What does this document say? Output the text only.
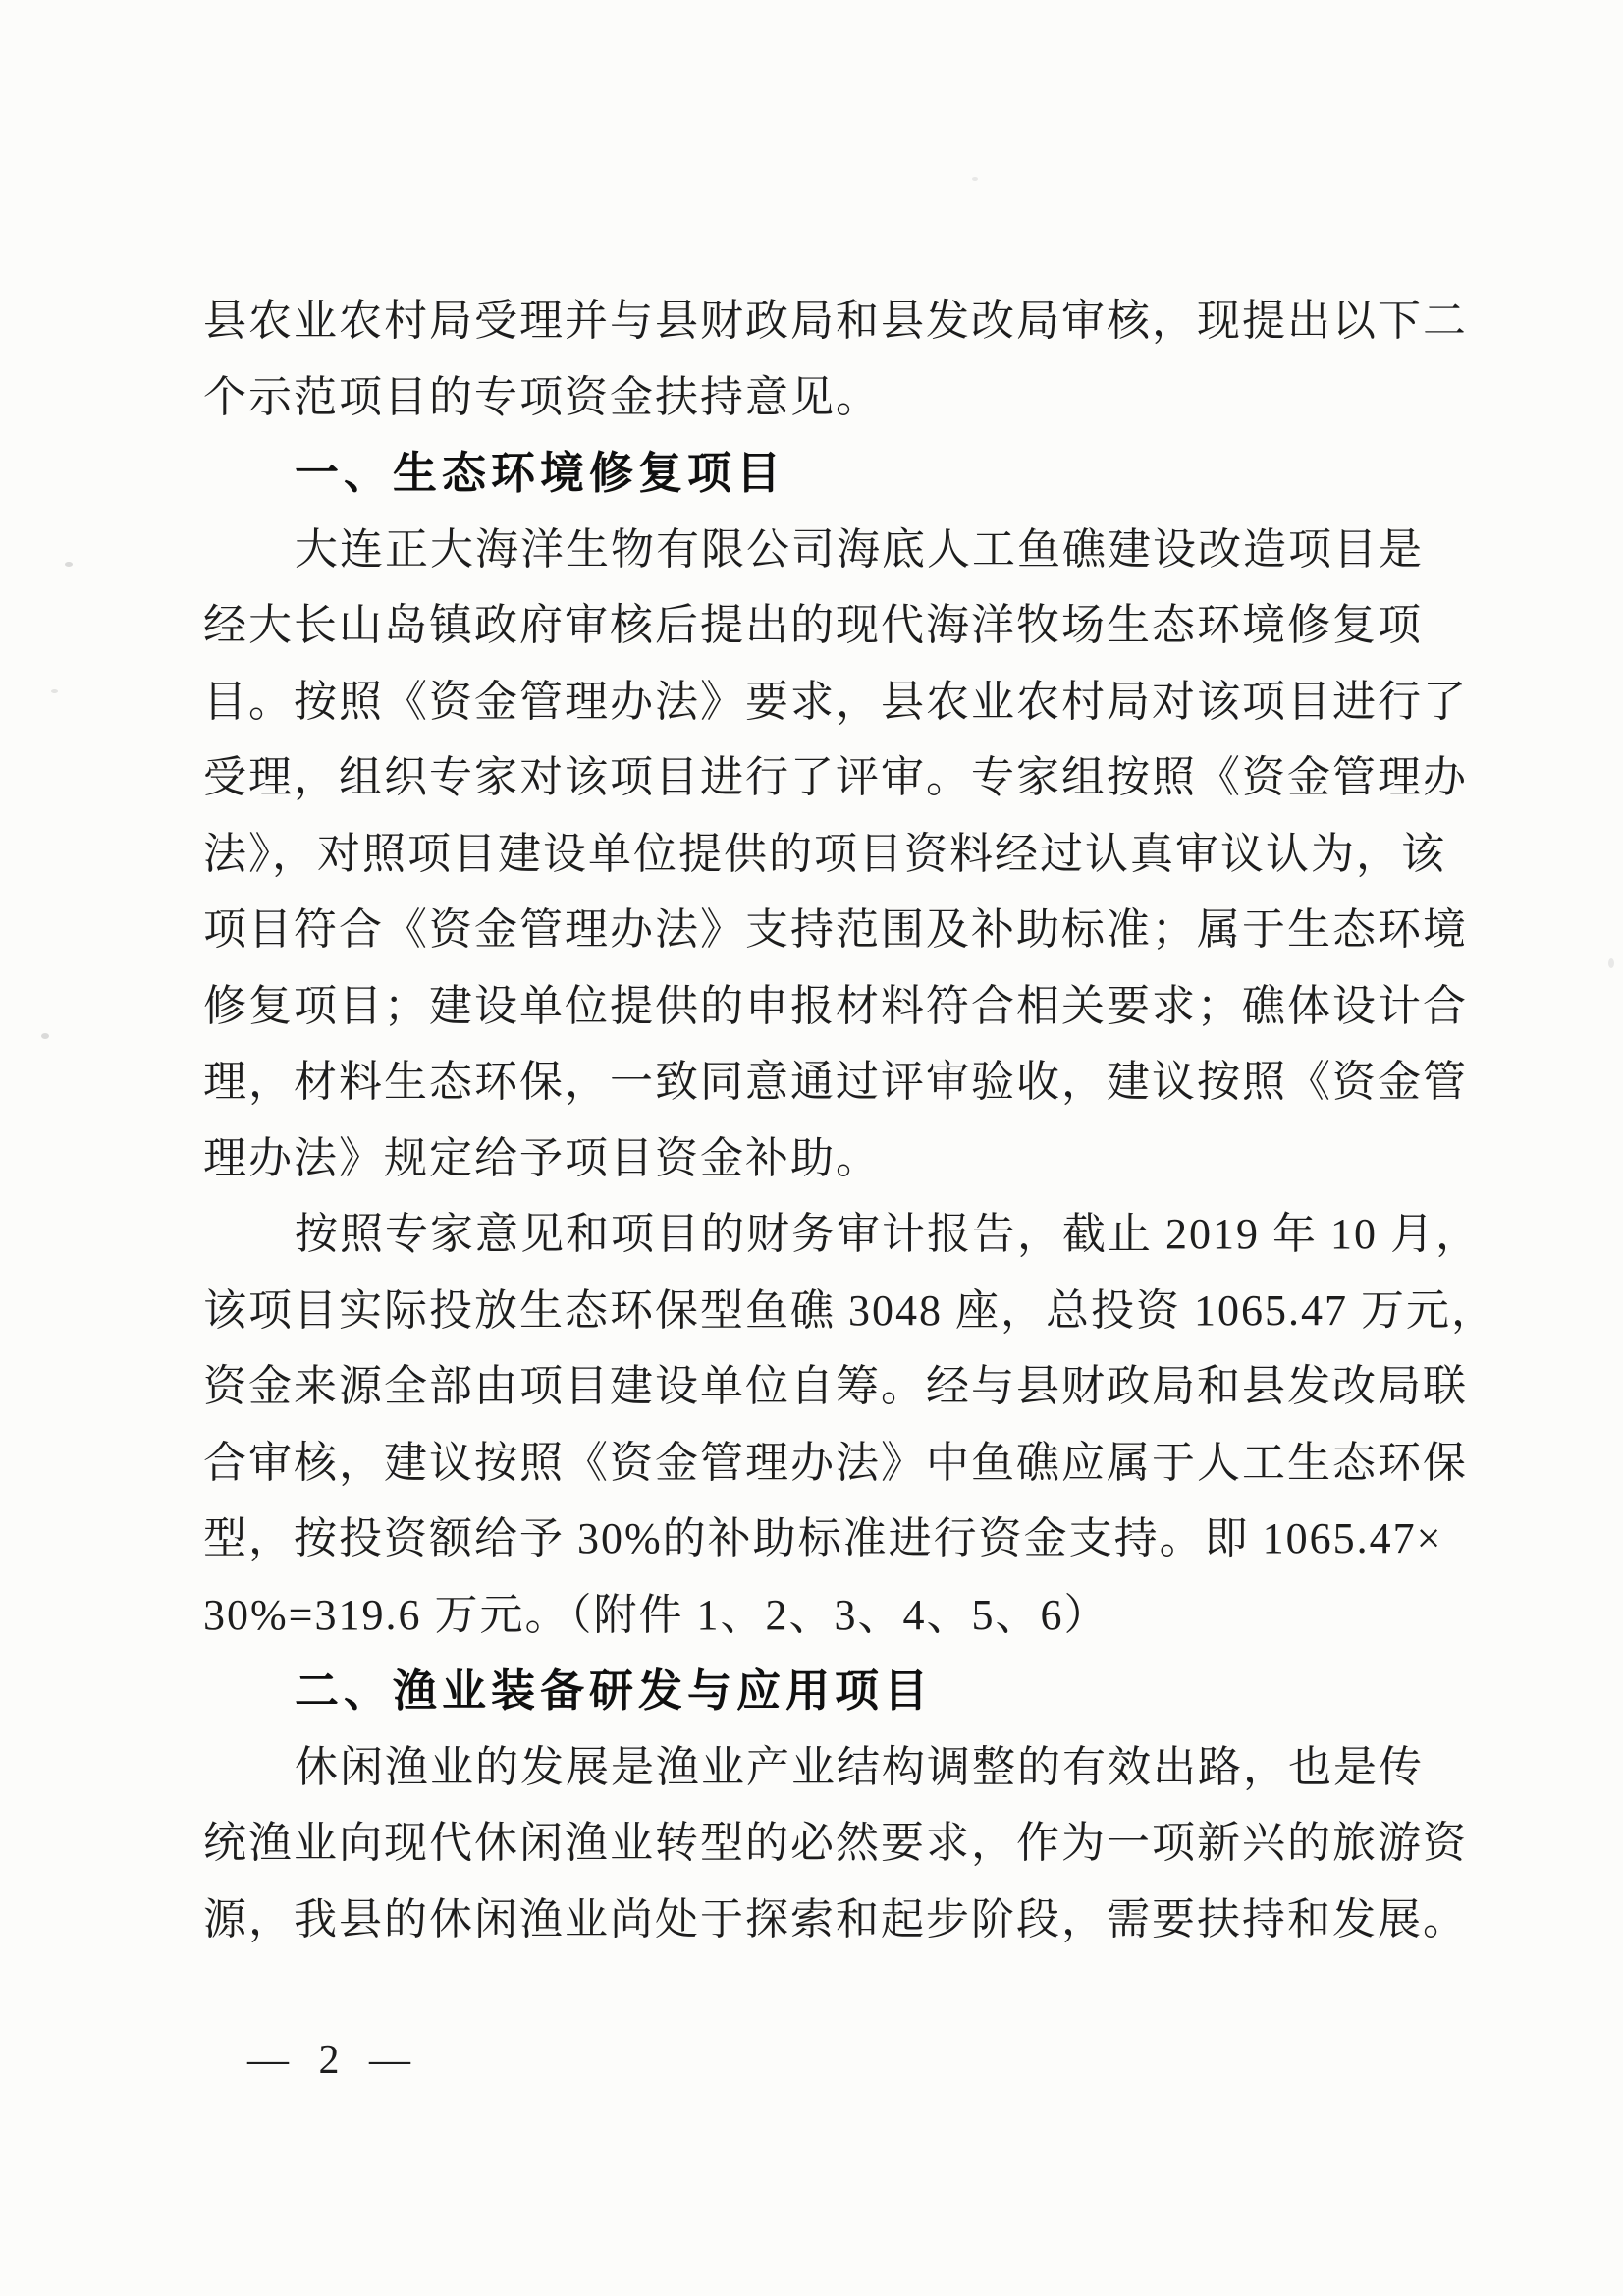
县农业农村局受理并与县财政局和县发改局审核，现提出以下二
个示范项目的专项资金扶持意见。
一、生态环境修复项目
大连正大海洋生物有限公司海底人工鱼礁建设改造项目是
经大长山岛镇政府审核后提出的现代海洋牧场生态环境修复项
目。按照《资金管理办法》要求，县农业农村局对该项目进行了
受理，组织专家对该项目进行了评审。专家组按照《资金管理办
法》，对照项目建设单位提供的项目资料经过认真审议认为，该
项目符合《资金管理办法》支持范围及补助标准；属于生态环境
修复项目；建设单位提供的申报材料符合相关要求；礁体设计合
理，材料生态环保，一致同意通过评审验收，建议按照《资金管
理办法》规定给予项目资金补助。
按照专家意见和项目的财务审计报告，截止 2019 年 10 月，
该项目实际投放生态环保型鱼礁 3048 座，总投资 1065.47 万元，
资金来源全部由项目建设单位自筹。经与县财政局和县发改局联
合审核，建议按照《资金管理办法》中鱼礁应属于人工生态环保
型，按投资额给予 30%的补助标准进行资金支持。即 1065.47×
30%=319.6 万元。（附件 1、2、3、4、5、6）
二、渔业装备研发与应用项目
休闲渔业的发展是渔业产业结构调整的有效出路，也是传
统渔业向现代休闲渔业转型的必然要求，作为一项新兴的旅游资
源，我县的休闲渔业尚处于探索和起步阶段，需要扶持和发展。
— 2 —
